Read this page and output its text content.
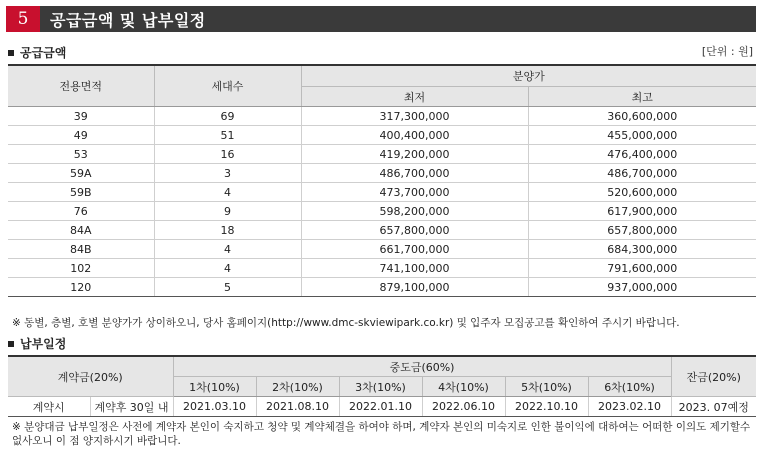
5	공급금액 및 납부일정
공급금액	[단위 : 원]
전용면적	세대수	분양가	
		최저	최고
39	69	317,300,000	360,600,000
49	51	400,400,000	455,000,000
53	16	419,200,000	476,400,000
59A	3	486,700,000	486,700,000
59B	4	473,700,000	520,600,000
76	9	598,200,000	617,900,000
84A	18	657,800,000	657,800,000
84B	4	661,700,000	684,300,000
102	4	741,100,000	791,600,000
120	5	879,100,000	937,000,000
※ 동별, 층별, 호별 분양가가 상이하오니, 당사 홈페이지(http://www.dmc-skviewipark.co.kr) 및 입주자 모집공고를 확인하여 주시기 바랍니다.
납부일정
계약금(20%)		중도금(60%)						잔금(20%)
		1차(10%)	2차(10%)	3차(10%)	4차(10%)	5차(10%)	6차(10%)	
계약시	계약후 30일 내	2021.03.10	2021.08.10	2022.01.10	2022.06.10	2022.10.10	2023.02.10	2023. 07예정
※ 분양대금 납부일정은 사전에 계약자 본인이 숙지하고 청약 및 계약체결을 하여야 하며, 계약자 본인의 미숙지로 인한 불이익에 대하여는 어떠한 이의도 제기할수 없사오니 이 점 양지하시기 바랍니다.
